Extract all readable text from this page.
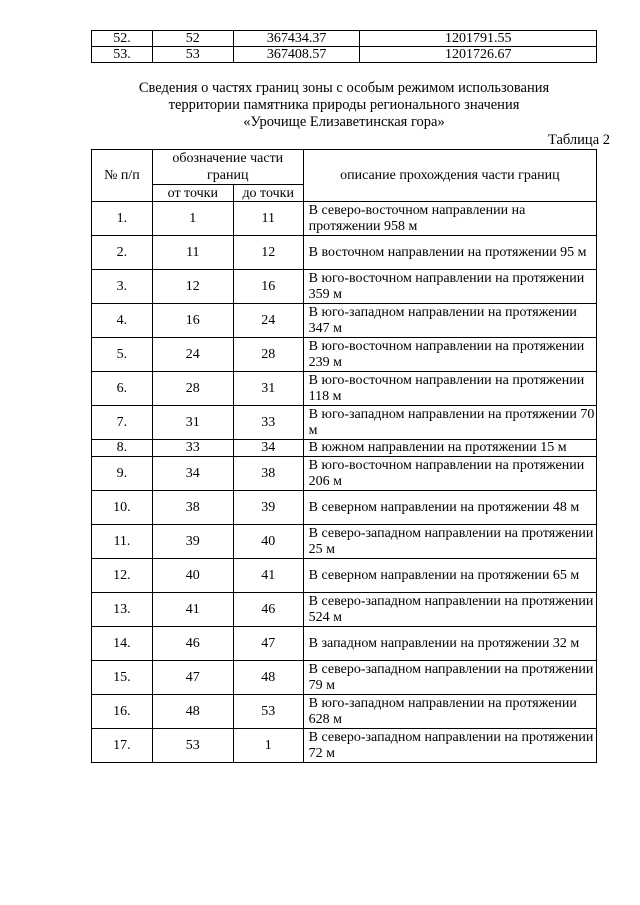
52.	52	367434.37	1201791.55
53.	53	367408.57	1201726.67
Сведения о частях границ зоны с особым режимом использования
территории памятника природы регионального значения
«Урочище Елизаветинская гора»
Таблица 2
№ п/п	обозначение части границ		описание прохождения части границ
	от точки	до точки	
1.	1	11	В северо-восточном направлении на протяжении 958 м
2.	11	12	В восточном направлении на протяжении 95 м
3.	12	16	В юго-восточном направлении на протяжении 359 м
4.	16	24	В юго-западном направлении на протяжении 347 м
5.	24	28	В юго-восточном направлении на протяжении 239 м
6.	28	31	В юго-восточном направлении на протяжении 118 м
7.	31	33	В юго-западном направлении на протяжении 70 м
8.	33	34	В южном направлении на протяжении 15 м
9.	34	38	В юго-восточном направлении на протяжении 206 м
10.	38	39	В северном направлении на протяжении 48 м
11.	39	40	В северо-западном направлении на протяжении 25 м
12.	40	41	В северном направлении на протяжении 65 м
13.	41	46	В северо-западном направлении на протяжении 524 м
14.	46	47	В западном направлении на протяжении 32 м
15.	47	48	В северо-западном направлении на протяжении 79 м
16.	48	53	В юго-западном направлении на протяжении 628 м
17.	53	1	В северо-западном направлении на протяжении 72 м
